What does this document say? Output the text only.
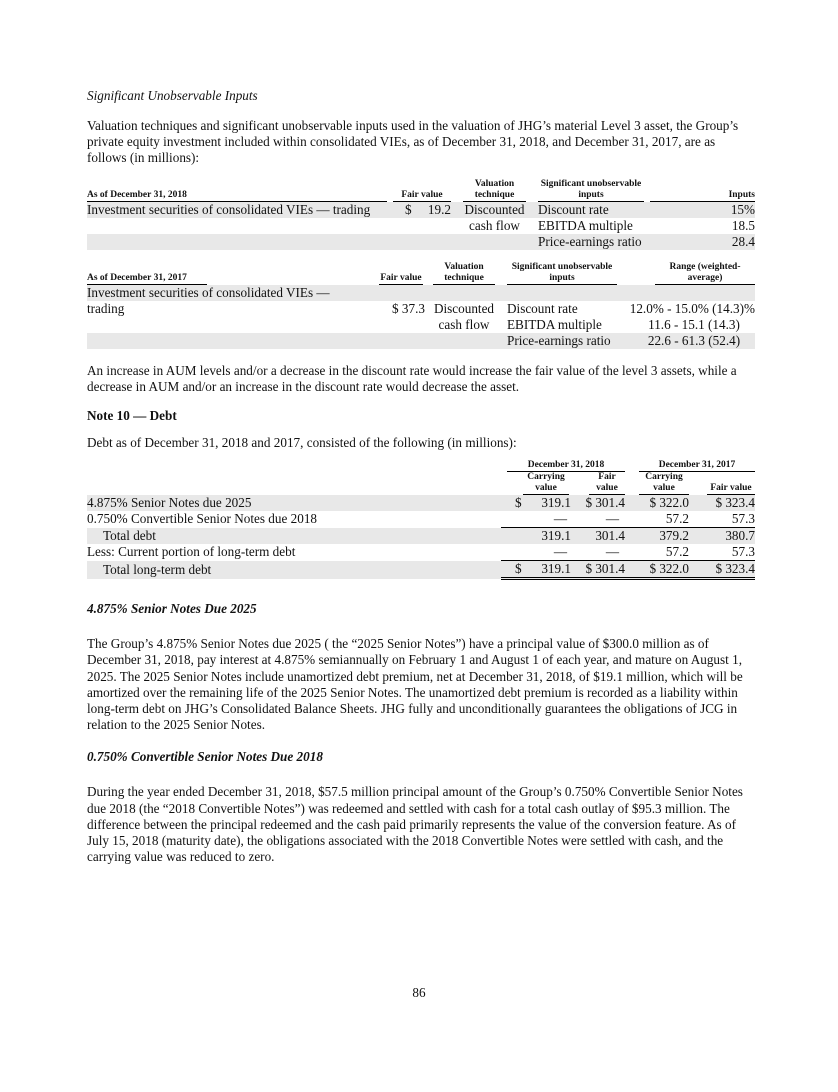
Significant Unobservable Inputs

Valuation techniques and significant unobservable inputs used in the valuation of JHG’s material Level 3 asset, the Group’s private equity investment included within consolidated VIEs, as of December 31, 2018, and December 31, 2017, are as follows (in millions):

As of December 31, 2018	Fair value	Valuation technique	Significant unobservable inputs	Inputs

Investment securities of consolidated VIEs — trading	$ 19.2	Discounted	Discount rate	15%
		cash flow	EBITDA multiple	18.5
			Price-earnings ratio	28.4
As of December 31, 2017	Fair value	Valuation technique	Significant unobservable inputs	Range (weighted-average)

Investment securities of consolidated VIEs —				
trading	$ 37.3	Discounted	Discount rate	12.0% - 15.0% (14.3)%
		cash flow	EBITDA multiple	11.6 - 15.1 (14.3)
			Price-earnings ratio	22.6 - 61.3 (52.4)

An increase in AUM levels and/or a decrease in the discount rate would increase the fair value of the level 3 assets, while a decrease in AUM and/or an increase in the discount rate would decrease the asset.

Note 10 — Debt

Debt as of December 31, 2018 and 2017, consisted of the following (in millions):

	December 31, 2018		December 31, 2017	

	Carrying value	Fair value	Carrying value	Fair value

4.875% Senior Notes due 2025	$ 319.1	$ 301.4	$ 322.0	$ 323.4
0.750% Convertible Senior Notes due 2018	—	—	57.2	57.3
Total debt	319.1	301.4	379.2	380.7
Less: Current portion of long-term debt	—	—	57.2	57.3
Total long-term debt	$ 319.1	$ 301.4	$ 322.0	$ 323.4
4.875% Senior Notes Due 2025

The Group’s 4.875% Senior Notes due 2025 ( the “2025 Senior Notes”) have a principal value of $300.0 million as of December 31, 2018, pay interest at 4.875% semiannually on February 1 and August 1 of each year, and mature on August 1, 2025. The 2025 Senior Notes include unamortized debt premium, net at December 31, 2018, of $19.1 million, which will be amortized over the remaining life of the 2025 Senior Notes. The unamortized debt premium is recorded as a liability within long-term debt on JHG’s Consolidated Balance Sheets. JHG fully and unconditionally guarantees the obligations of JCG in relation to the 2025 Senior Notes.

0.750% Convertible Senior Notes Due 2018

During the year ended December 31, 2018, $57.5 million principal amount of the Group’s 0.750% Convertible Senior Notes due 2018 (the “2018 Convertible Notes”) was redeemed and settled with cash for a total cash outlay of $95.3 million. The difference between the principal redeemed and the cash paid primarily represents the value of the conversion feature. As of July 15, 2018 (maturity date), the obligations associated with the 2018 Convertible Notes were settled with cash, and the carrying value was reduced to zero.

86
